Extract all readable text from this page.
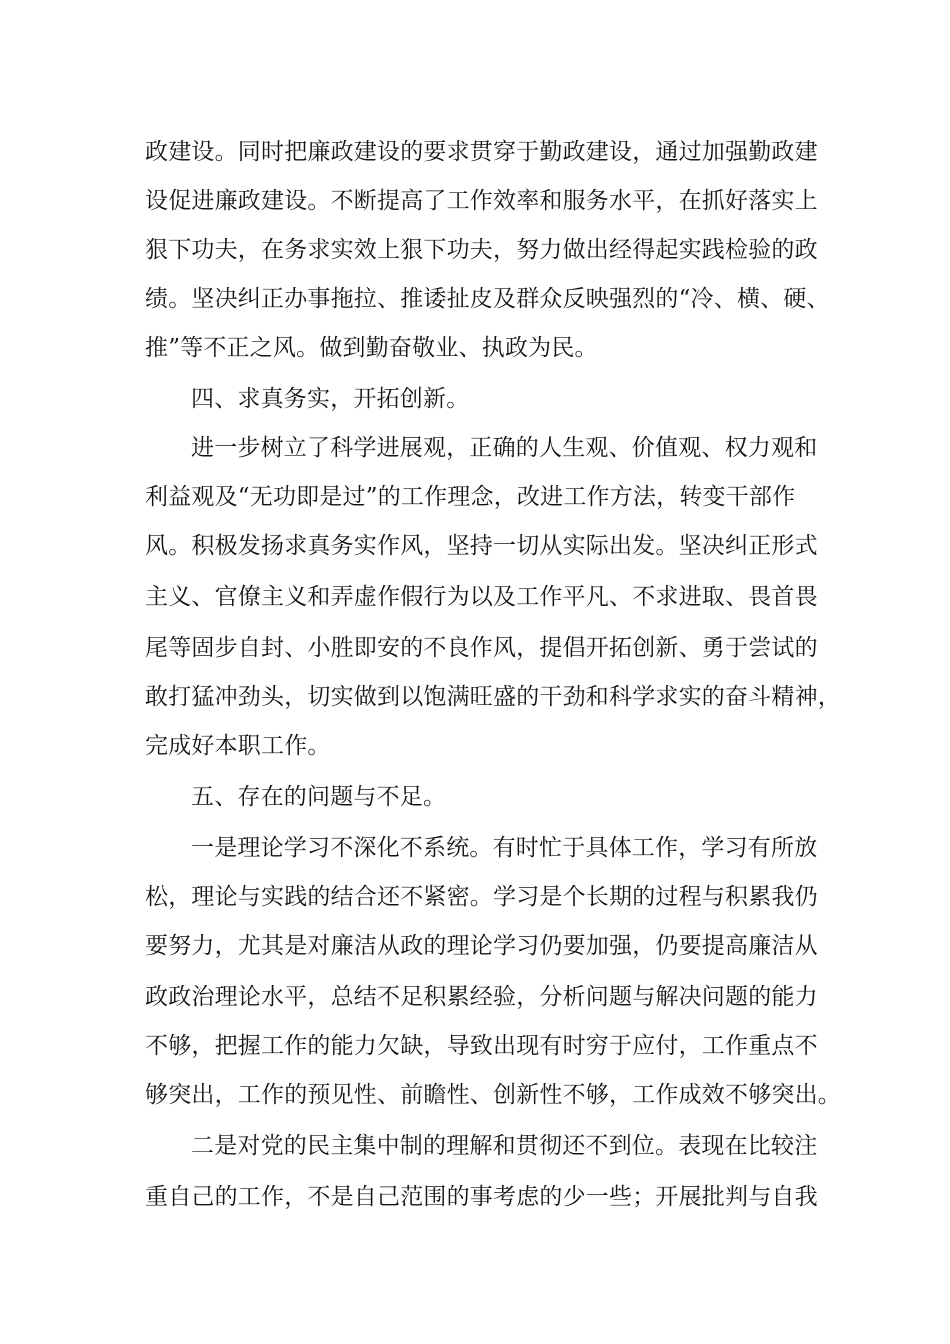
政建设。同时把廉政建设的要求贯穿于勤政建设，通过加强勤政建

设促进廉政建设。不断提高了工作效率和服务水平，在抓好落实上

狠下功夫，在务求实效上狠下功夫，努力做出经得起实践检验的政

绩。坚决纠正办事拖拉、推诿扯皮及群众反映强烈的“冷、横、硬、

推”等不正之风。做到勤奋敬业、执政为民。

四、求真务实，开拓创新。

进一步树立了科学进展观，正确的人生观、价值观、权力观和

利益观及“无功即是过”的工作理念，改进工作方法，转变干部作

风。积极发扬求真务实作风，坚持一切从实际出发。坚决纠正形式

主义、官僚主义和弄虚作假行为以及工作平凡、不求进取、畏首畏

尾等固步自封、小胜即安的不良作风，提倡开拓创新、勇于尝试的

敢打猛冲劲头，切实做到以饱满旺盛的干劲和科学求实的奋斗精神，

完成好本职工作。

五、存在的问题与不足。

一是理论学习不深化不系统。有时忙于具体工作，学习有所放

松，理论与实践的结合还不紧密。学习是个长期的过程与积累我仍

要努力，尤其是对廉洁从政的理论学习仍要加强，仍要提高廉洁从

政政治理论水平，总结不足积累经验，分析问题与解决问题的能力

不够，把握工作的能力欠缺，导致出现有时穷于应付，工作重点不

够突出，工作的预见性、前瞻性、创新性不够，工作成效不够突出。

二是对党的民主集中制的理解和贯彻还不到位。表现在比较注

重自己的工作，不是自己范围的事考虑的少一些；开展批判与自我
